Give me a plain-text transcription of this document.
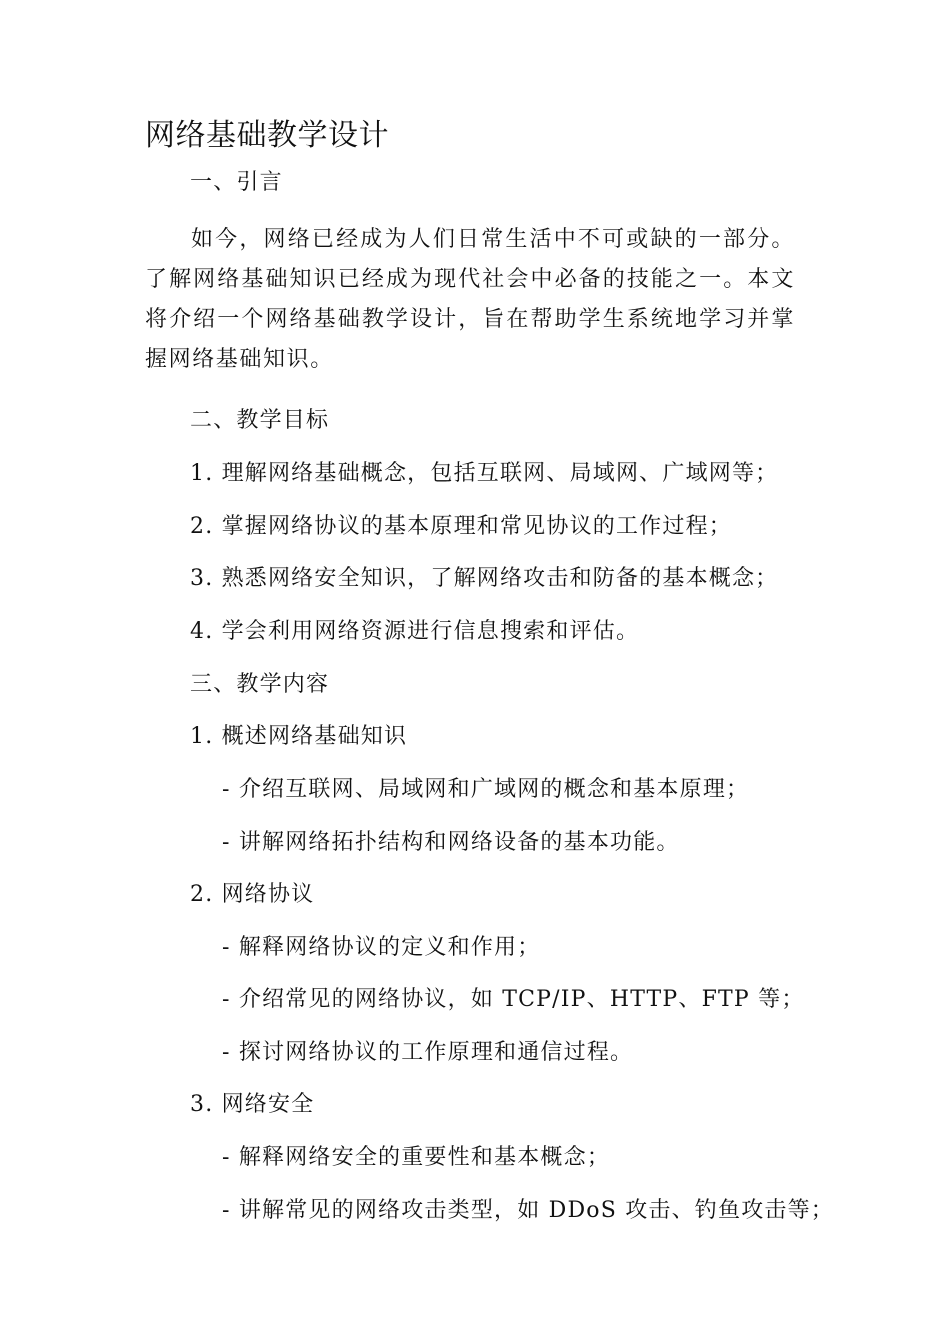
网络基础教学设计

一、引言

如今，网络已经成为人们日常生活中不可或缺的一部分。了解网络基础知识已经成为现代社会中必备的技能之一。本文将介绍一个网络基础教学设计，旨在帮助学生系统地学习并掌握网络基础知识。

二、教学目标

1. 理解网络基础概念，包括互联网、局域网、广域网等；

2. 掌握网络协议的基本原理和常见协议的工作过程；

3. 熟悉网络安全知识，了解网络攻击和防备的基本概念；

4. 学会利用网络资源进行信息搜索和评估。

三、教学内容

1. 概述网络基础知识

- 介绍互联网、局域网和广域网的概念和基本原理；

- 讲解网络拓扑结构和网络设备的基本功能。

2. 网络协议

- 解释网络协议的定义和作用；

- 介绍常见的网络协议，如 TCP/IP、HTTP、FTP 等；

- 探讨网络协议的工作原理和通信过程。

3. 网络安全

- 解释网络安全的重要性和基本概念；

- 讲解常见的网络攻击类型，如 DDoS 攻击、钓鱼攻击等；
